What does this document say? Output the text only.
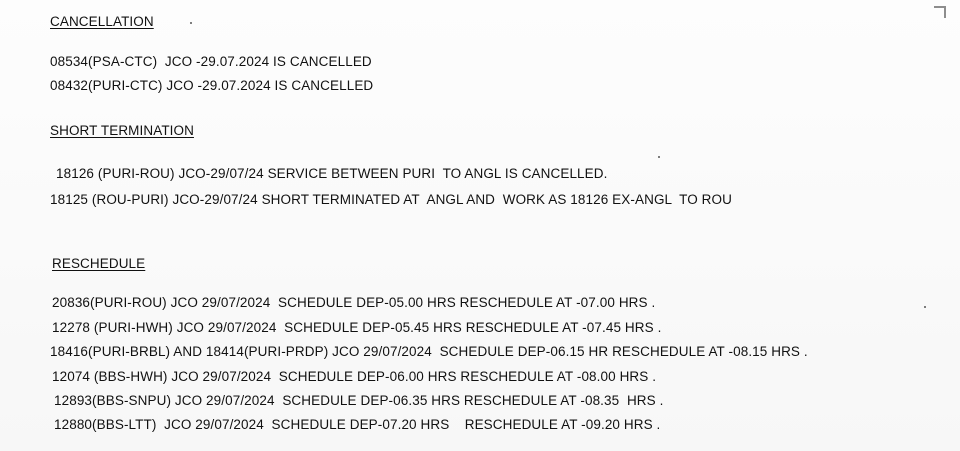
CANCELLATION
08534(PSA-CTC)  JCO -29.07.2024 IS CANCELLED
08432(PURI-CTC) JCO -29.07.2024 IS CANCELLED
SHORT TERMINATION
18126 (PURI-ROU) JCO-29/07/24 SERVICE BETWEEN PURI  TO ANGL IS CANCELLED.
18125 (ROU-PURI) JCO-29/07/24 SHORT TERMINATED AT  ANGL AND  WORK AS 18126 EX-ANGL  TO ROU
RESCHEDULE
20836(PURI-ROU) JCO 29/07/2024  SCHEDULE DEP-05.00 HRS RESCHEDULE AT -07.00 HRS .
12278 (PURI-HWH) JCO 29/07/2024  SCHEDULE DEP-05.45 HRS RESCHEDULE AT -07.45 HRS .
18416(PURI-BRBL) AND 18414(PURI-PRDP) JCO 29/07/2024  SCHEDULE DEP-06.15 HR RESCHEDULE AT -08.15 HRS .
12074 (BBS-HWH) JCO 29/07/2024  SCHEDULE DEP-06.00 HRS RESCHEDULE AT -08.00 HRS .
12893(BBS-SNPU) JCO 29/07/2024  SCHEDULE DEP-06.35 HRS RESCHEDULE AT -08.35  HRS .
12880(BBS-LTT)  JCO 29/07/2024  SCHEDULE DEP-07.20 HRS    RESCHEDULE AT -09.20 HRS .
